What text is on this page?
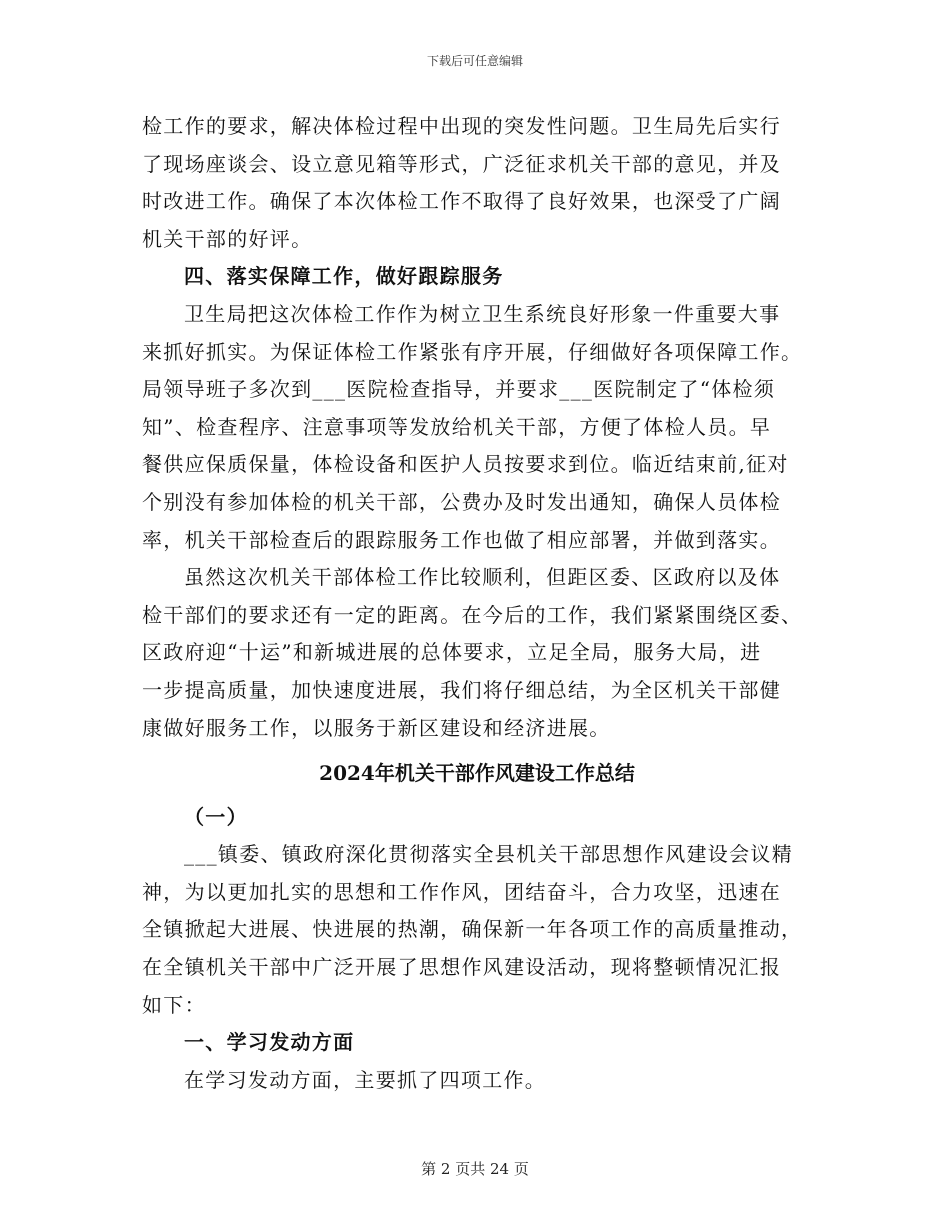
下载后可任意编辑
检工作的要求，解决体检过程中出现的突发性问题。卫生局先后实行
了现场座谈会、设立意见箱等形式，广泛征求机关干部的意见，并及
时改进工作。确保了本次体检工作不取得了良好效果，也深受了广阔
机关干部的好评。
四、落实保障工作，做好跟踪服务
卫生局把这次体检工作作为树立卫生系统良好形象一件重要大事
来抓好抓实。为保证体检工作紧张有序开展，仔细做好各项保障工作。
局领导班子多次到___医院检查指导，并要求___医院制定了“体检须
知”、检查程序、注意事项等发放给机关干部，方便了体检人员。早
餐供应保质保量，体检设备和医护人员按要求到位。临近结束前,征对
个别没有参加体检的机关干部，公费办及时发出通知，确保人员体检
率，机关干部检查后的跟踪服务工作也做了相应部署，并做到落实。
虽然这次机关干部体检工作比较顺利，但距区委、区政府以及体
检干部们的要求还有一定的距离。在今后的工作，我们紧紧围绕区委、
区政府迎“十运”和新城进展的总体要求，立足全局，服务大局，进
一步提高质量，加快速度进展，我们将仔细总结，为全区机关干部健
康做好服务工作，以服务于新区建设和经济进展。
2024年机关干部作风建设工作总结
（一）
___镇委、镇政府深化贯彻落实全县机关干部思想作风建设会议精
神，为以更加扎实的思想和工作作风，团结奋斗，合力攻坚，迅速在
全镇掀起大进展、快进展的热潮，确保新一年各项工作的高质量推动，
在全镇机关干部中广泛开展了思想作风建设活动，现将整顿情况汇报
如下：
一、学习发动方面
在学习发动方面，主要抓了四项工作。
第 2 页共 24 页
